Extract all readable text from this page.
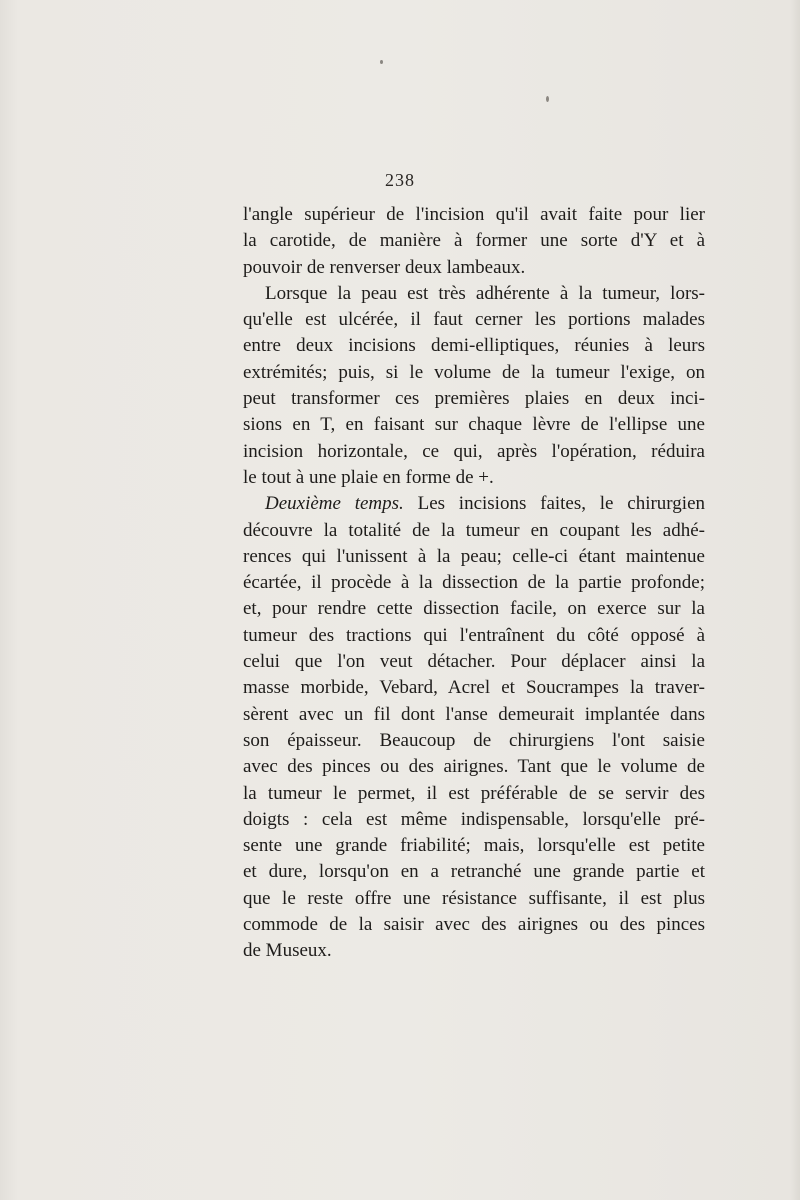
238
l'angle supérieur de l'incision qu'il avait faite pour lier
la carotide, de manière à former une sorte d'Y et à
pouvoir de renverser deux lambeaux.
Lorsque la peau est très adhérente à la tumeur, lors-
qu'elle est ulcérée, il faut cerner les portions malades
entre deux incisions demi-elliptiques, réunies à leurs
extrémités; puis, si le volume de la tumeur l'exige, on
peut transformer ces premières plaies en deux inci-
sions en T, en faisant sur chaque lèvre de l'ellipse une
incision horizontale, ce qui, après l'opération, réduira
le tout à une plaie en forme de +.
Deuxième temps. Les incisions faites, le chirurgien
découvre la totalité de la tumeur en coupant les adhé-
rences qui l'unissent à la peau; celle-ci étant maintenue
écartée, il procède à la dissection de la partie profonde;
et, pour rendre cette dissection facile, on exerce sur la
tumeur des tractions qui l'entraînent du côté opposé à
celui que l'on veut détacher. Pour déplacer ainsi la
masse morbide, Vebard, Acrel et Soucrampes la traver-
sèrent avec un fil dont l'anse demeurait implantée dans
son épaisseur. Beaucoup de chirurgiens l'ont saisie
avec des pinces ou des airignes. Tant que le volume de
la tumeur le permet, il est préférable de se servir des
doigts : cela est même indispensable, lorsqu'elle pré-
sente une grande friabilité; mais, lorsqu'elle est petite
et dure, lorsqu'on en a retranché une grande partie et
que le reste offre une résistance suffisante, il est plus
commode de la saisir avec des airignes ou des pinces
de Museux.
